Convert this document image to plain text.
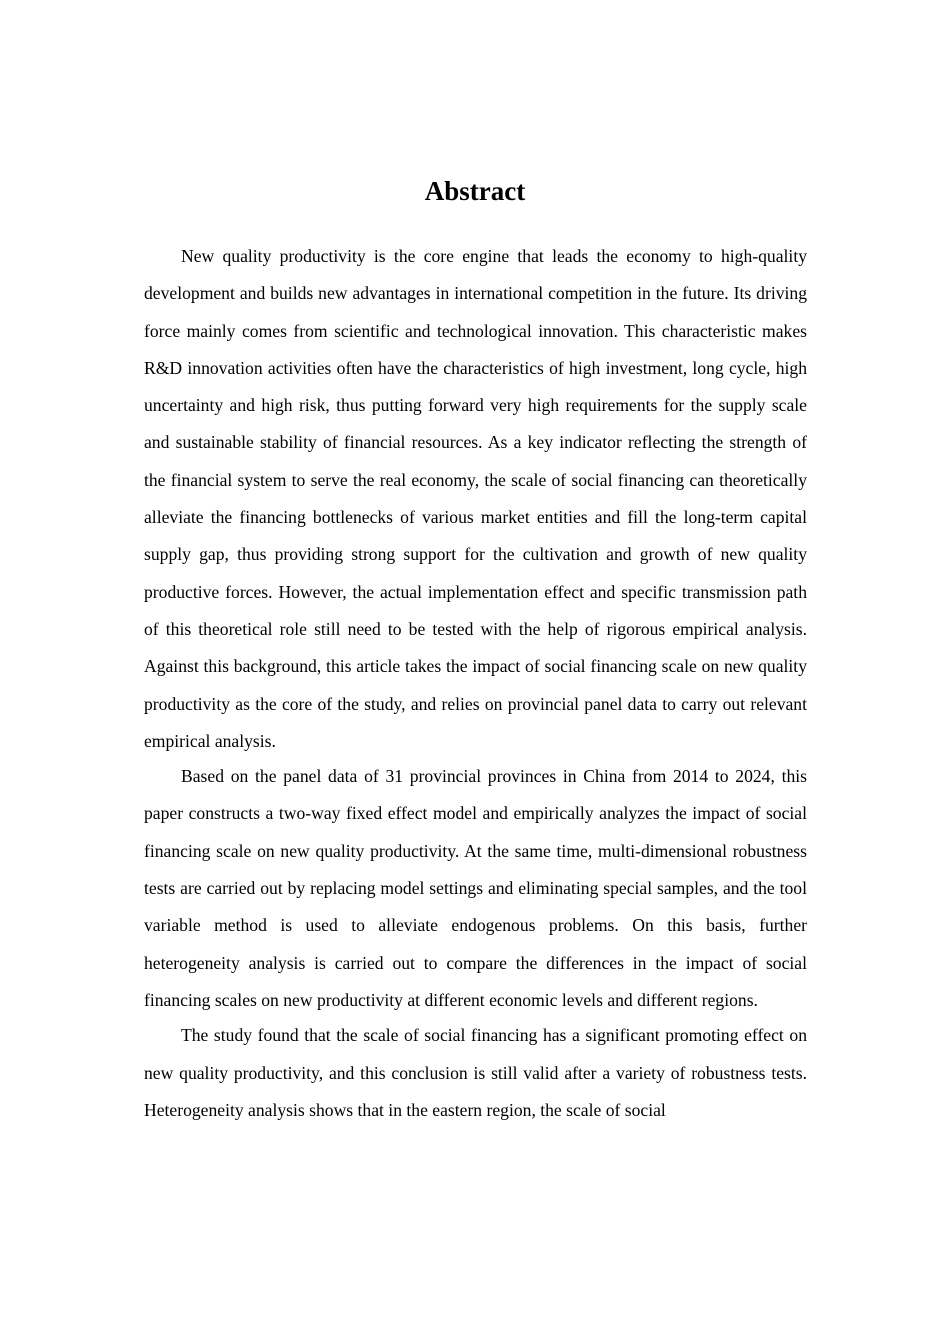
Abstract

New quality productivity is the core engine that leads the economy to high-quality development and builds new advantages in international competition in the future. Its driving force mainly comes from scientific and technological innovation. This characteristic makes R&D innovation activities often have the characteristics of high investment, long cycle, high uncertainty and high risk, thus putting forward very high requirements for the supply scale and sustainable stability of financial resources. As a key indicator reflecting the strength of the financial system to serve the real economy, the scale of social financing can theoretically alleviate the financing bottlenecks of various market entities and fill the long-term capital supply gap, thus providing strong support for the cultivation and growth of new quality productive forces. However, the actual implementation effect and specific transmission path of this theoretical role still need to be tested with the help of rigorous empirical analysis. Against this background, this article takes the impact of social financing scale on new quality productivity as the core of the study, and relies on provincial panel data to carry out relevant empirical analysis.

Based on the panel data of 31 provincial provinces in China from 2014 to 2024, this paper constructs a two-way fixed effect model and empirically analyzes the impact of social financing scale on new quality productivity. At the same time, multi-dimensional robustness tests are carried out by replacing model settings and eliminating special samples, and the tool variable method is used to alleviate endogenous problems. On this basis, further heterogeneity analysis is carried out to compare the differences in the impact of social financing scales on new productivity at different economic levels and different regions.

The study found that the scale of social financing has a significant promoting effect on new quality productivity, and this conclusion is still valid after a variety of robustness tests. Heterogeneity analysis shows that in the eastern region, the scale of social
